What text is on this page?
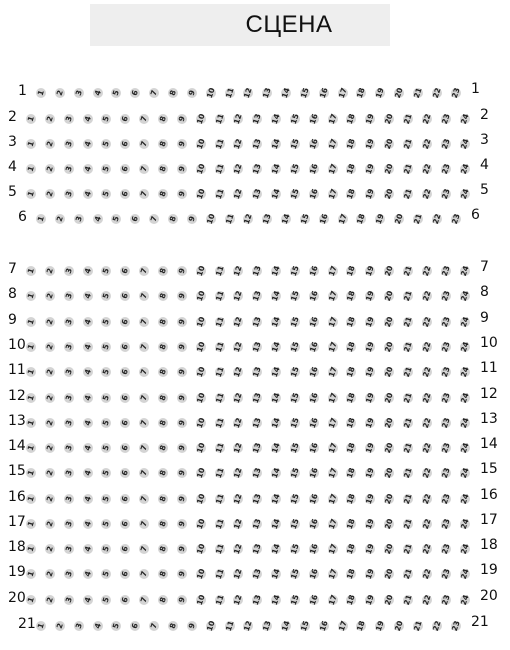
СЦЕНА
1 1 2 3 4 5 6 7 8 9 10 11 12 13 14 15 16 17 18 19 20 21 22 23 1
2 1 2 3 4 5 6 7 8 9 10 11 12 13 14 15 16 17 18 19 20 21 22 23 24 2
3 1 2 3 4 5 6 7 8 9 10 11 12 13 14 15 16 17 18 19 20 21 22 23 24 3
4 1 2 3 4 5 6 7 8 9 10 11 12 13 14 15 16 17 18 19 20 21 22 23 24 4
5 1 2 3 4 5 6 7 8 9 10 11 12 13 14 15 16 17 18 19 20 21 22 23 24 5
6 1 2 3 4 5 6 7 8 9 10 11 12 13 14 15 16 17 18 19 20 21 22 23 6
7 1 2 3 4 5 6 7 8 9 10 11 12 13 14 15 16 17 18 19 20 21 22 23 24 7
8 1 2 3 4 5 6 7 8 9 10 11 12 13 14 15 16 17 18 19 20 21 22 23 24 8
9 1 2 3 4 5 6 7 8 9 10 11 12 13 14 15 16 17 18 19 20 21 22 23 24 9
10 1 2 3 4 5 6 7 8 9 10 11 12 13 14 15 16 17 18 19 20 21 22 23 24 10
11 1 2 3 4 5 6 7 8 9 10 11 12 13 14 15 16 17 18 19 20 21 22 23 24 11
12 1 2 3 4 5 6 7 8 9 10 11 12 13 14 15 16 17 18 19 20 21 22 23 24 12
13 1 2 3 4 5 6 7 8 9 10 11 12 13 14 15 16 17 18 19 20 21 22 23 24 13
14 1 2 3 4 5 6 7 8 9 10 11 12 13 14 15 16 17 18 19 20 21 22 23 24 14
15 1 2 3 4 5 6 7 8 9 10 11 12 13 14 15 16 17 18 19 20 21 22 23 24 15
16 1 2 3 4 5 6 7 8 9 10 11 12 13 14 15 16 17 18 19 20 21 22 23 24 16
17 1 2 3 4 5 6 7 8 9 10 11 12 13 14 15 16 17 18 19 20 21 22 23 24 17
18 1 2 3 4 5 6 7 8 9 10 11 12 13 14 15 16 17 18 19 20 21 22 23 24 18
19 1 2 3 4 5 6 7 8 9 10 11 12 13 14 15 16 17 18 19 20 21 22 23 24 19
20 1 2 3 4 5 6 7 8 9 10 11 12 13 14 15 16 17 18 19 20 21 22 23 24 20
21 1 2 3 4 5 6 7 8 9 10 11 12 13 14 15 16 17 18 19 20 21 22 23 21
